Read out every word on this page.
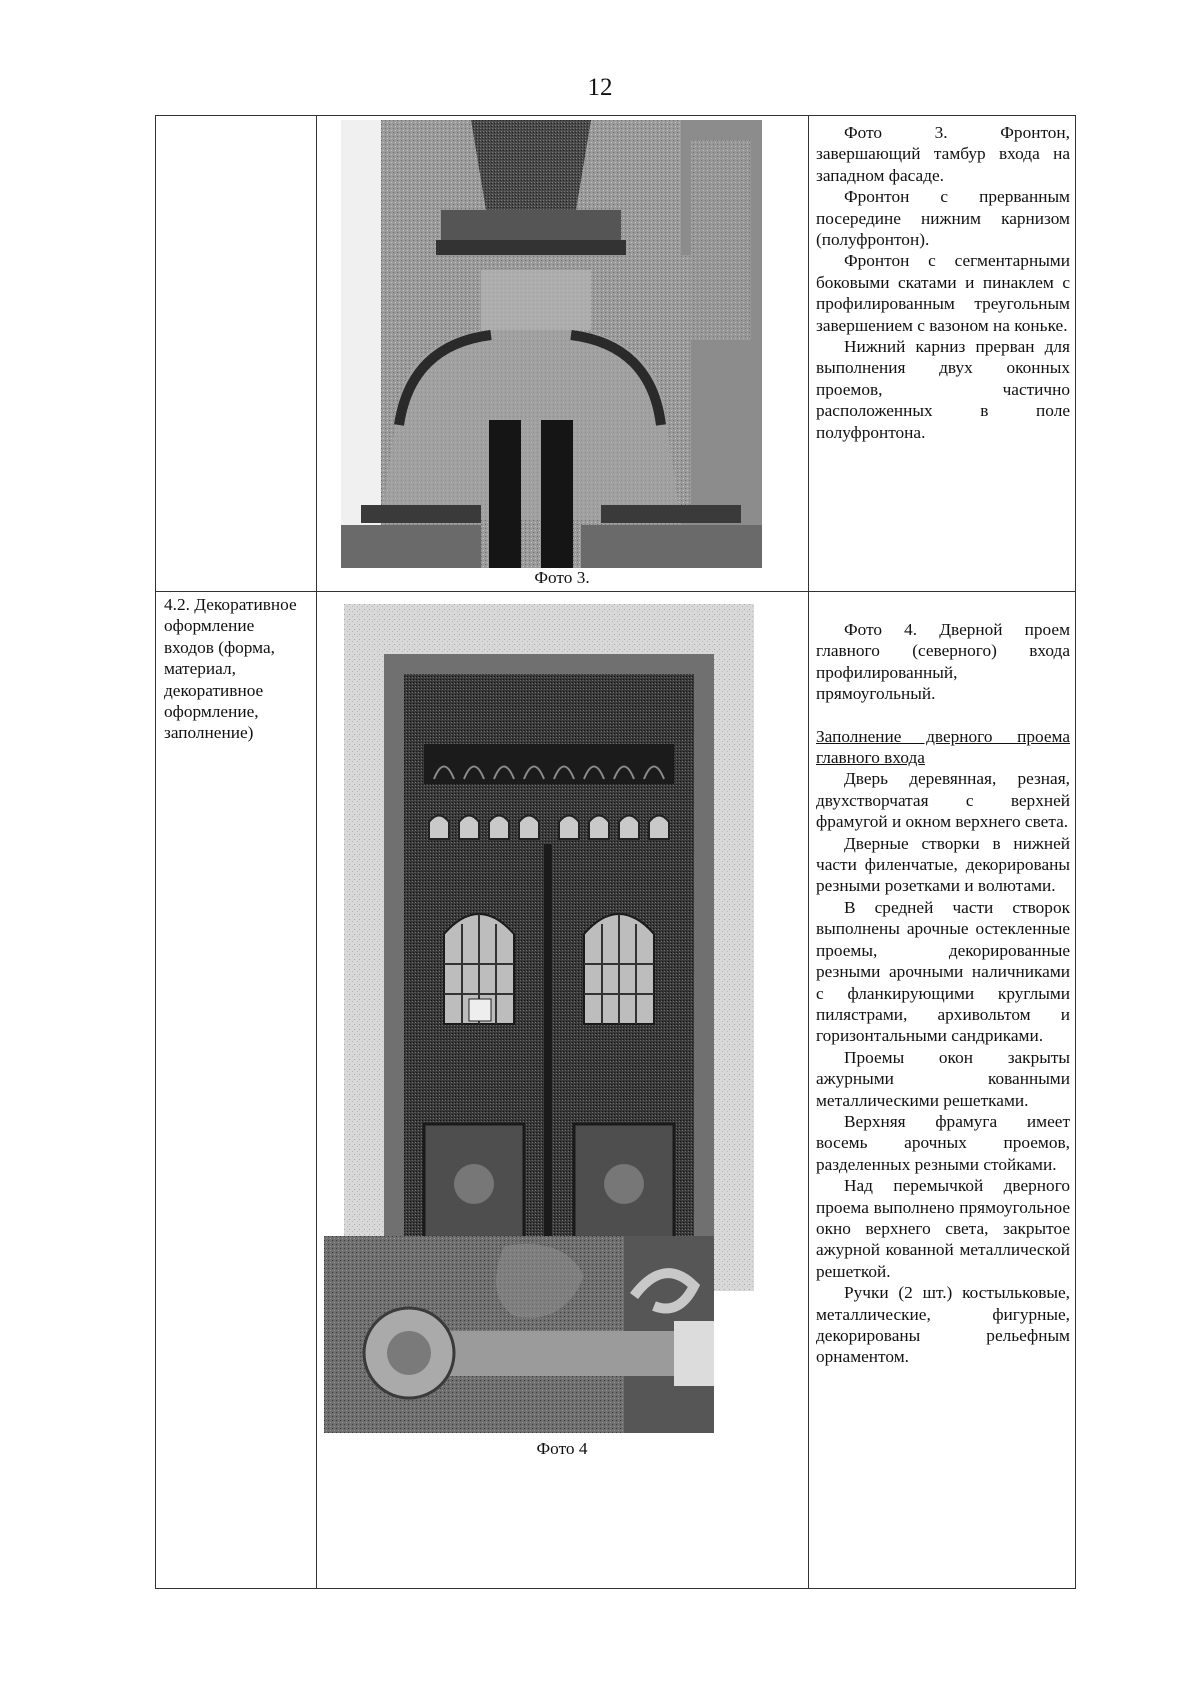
12
Фото 3.

Фото 3. Фронтон, завершающий тамбур входа на западном фасаде.

Фронтон с прерванным посередине нижним карнизом (полуфронтон).

Фронтон с сегментарными боковыми скатами и пинаклем с профилированным треугольным завершением с вазоном на коньке.

Нижний карниз прерван для выполнения двух оконных проемов, частично расположенных в поле полуфронтона.

4.2. Декоративное оформление входов (форма, материал, декоративное оформление, заполнение)
Фото 4

Фото 4. Дверной проем главного (северного) входа профилированный, прямоугольный.

Заполнение дверного проема главного входа

Дверь деревянная, резная, двухстворчатая с верхней фрамугой и окном верхнего света.

Дверные створки в нижней части филенчатые, декорированы резными розетками и волютами.

В средней части створок выполнены арочные остекленные проемы, декорированные резными арочными наличниками с фланкирующими круглыми пилястрами, архивольтом и горизонтальными сандриками.

Проемы окон закрыты ажурными кованными металлическими решетками.

Верхняя фрамуга имеет восемь арочных проемов, разделенных резными стойками.

Над перемычкой дверного проема выполнено прямоугольное окно верхнего света, закрытое ажурной кованной металлической решеткой.

Ручки (2 шт.) костыльковые, металлические, фигурные, декорированы рельефным орнаментом.
